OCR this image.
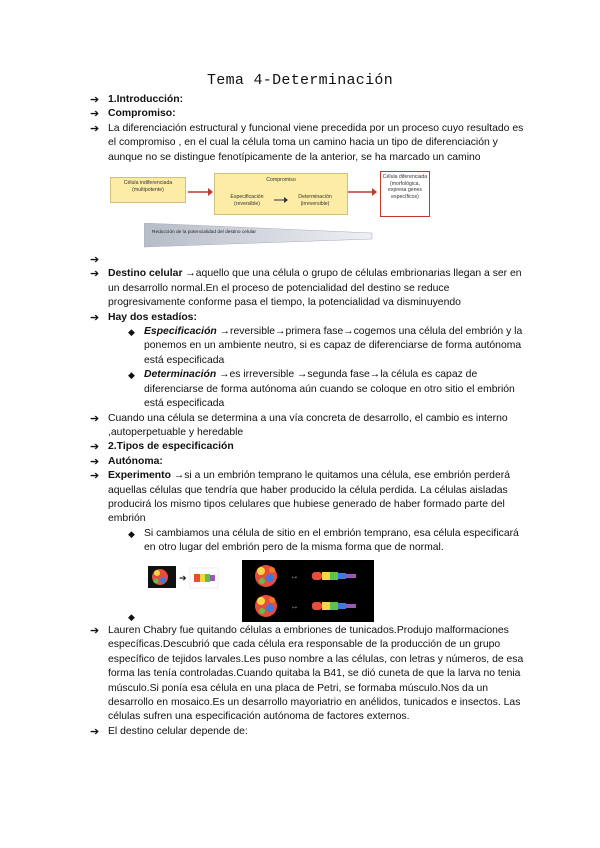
Tema 4-Determinación
➔ 1.Introducción:
➔ Compromiso:
➔ La diferenciación estructural y funcional viene precedida por un proceso cuyo resultado es el compromiso , en el cual la célula toma un camino hacia un tipo de diferenciación y aunque no se distingue fenotípicamente de la anterior, se ha marcado un camino
Célula indiferenciada (multipotente)
Compromiso
Especificación (reversible)
Determinación (irreversible)
Célula diferenciada (morfológica, expresa genes específicos)
Reducción de la potencialidad del destino celular
➔

➔ Destino celular →aquello que una célula o grupo de células embrionarias llegan a ser en un desarrollo normal.En el proceso de potencialidad del destino se reduce progresivamente conforme pasa el tiempo, la potencialidad va disminuyendo
➔ Hay dos estadíos:
◆ Especificación →reversible→primera fase→cogemos una célula del embrión y la ponemos en un ambiente neutro, si es capaz de diferenciarse de forma autónoma está especificada
◆ Determinación →es irreversible →segunda fase→la célula es capaz de diferenciarse de forma autónoma aún cuando se coloque en otro sitio el embrión está especificada
➔ Cuando una célula se determina a una vía concreta de desarrollo, el cambio es interno ,autoperpetuable y heredable
➔ 2.Tipos de especificación
➔ Autónoma:
➔ Experimento →si a un embrión temprano le quitamos una célula, ese embrión perderá aquellas células que tendría que haber producido la célula perdida. La células aisladas producirá los mismo tipos celulares que hubiese generado de haber formado parte del embrión
◆ Si cambiamos una célula de sitio en el embrión temprano, esa célula especificará en otro lugar del embrión pero de la misma forma que de normal.
➔	↦
↦
◆

➔ Lauren Chabry fue quitando células a embriones de tunicados.Produjo malformaciones específicas.Descubrió que cada célula era responsable de la producción de un grupo específico de tejidos larvales.Les puso nombre a las células, con letras y números, de esa forma las tenía controladas.Cuando quitaba la B41, se dió cuneta de que la larva no tenia músculo.Si ponía esa célula en una placa de Petri, se formaba músculo.Nos da un desarrollo en mosaico.Es un desarrollo mayoriatrio en anélidos, tunicados e insectos. Las células sufren una especificación autónoma de factores externos.
➔ El destino celular depende de:
